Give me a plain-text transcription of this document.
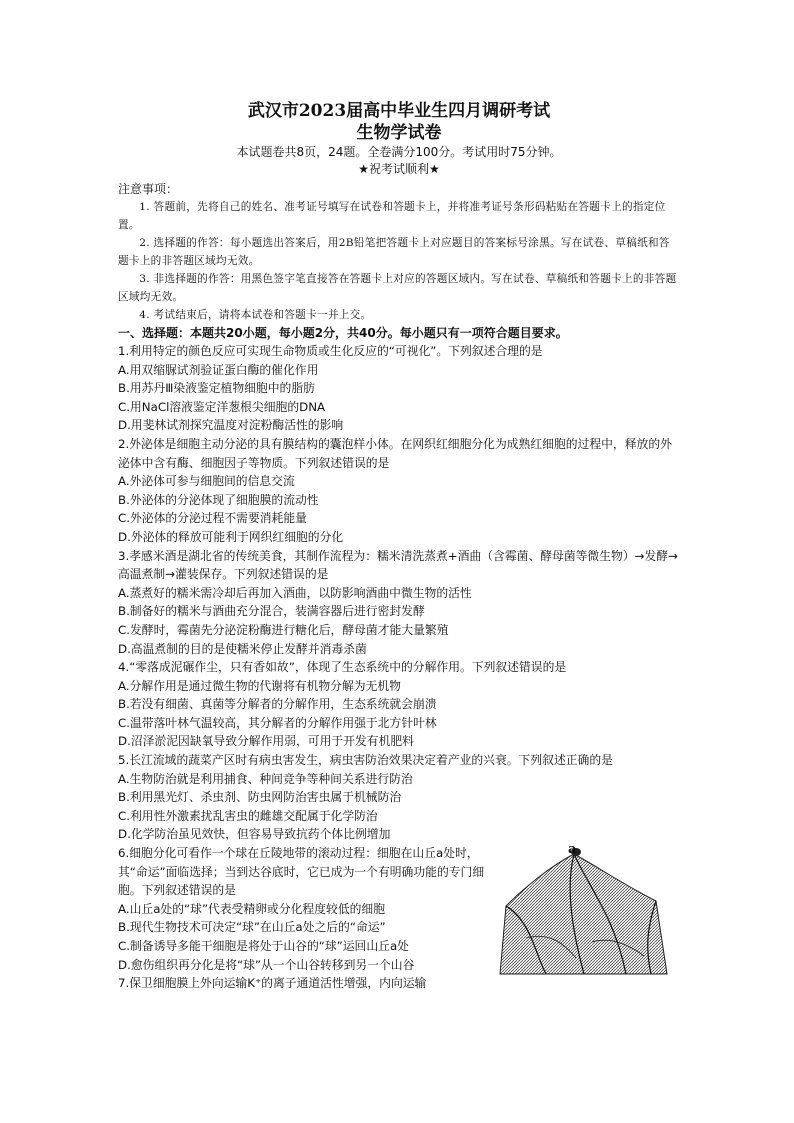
武汉市2023届高中毕业生四月调研考试
生物学试卷
本试题卷共8页，24题。全卷满分100分。考试用时75分钟。
★祝考试顺利★
注意事项：
1. 答题前，先将自己的姓名、准考证号填写在试卷和答题卡上，并将准考证号条形码粘贴在答题卡上的指定位置。
2. 选择题的作答：每小题选出答案后，用2B铅笔把答题卡上对应题目的答案标号涂黑。写在试卷、草稿纸和答题卡上的非答题区域均无效。
3. 非选择题的作答：用黑色签字笔直接答在答题卡上对应的答题区域内。写在试卷、草稿纸和答题卡上的非答题区域均无效。
4. 考试结束后，请将本试卷和答题卡一并上交。
一、选择题：本题共20小题，每小题2分，共40分。每小题只有一项符合题目要求。
1.利用特定的颜色反应可实现生命物质或生化反应的“可视化”。下列叙述合理的是
A.用双缩脲试剂验证蛋白酶的催化作用
B.用苏丹Ⅲ染液鉴定植物细胞中的脂肪
C.用NaCl溶液鉴定洋葱根尖细胞的DNA
D.用斐林试剂探究温度对淀粉酶活性的影响
2.外泌体是细胞主动分泌的具有膜结构的囊泡样小体。在网织红细胞分化为成熟红细胞的过程中，释放的外泌体中含有酶、细胞因子等物质。下列叙述错误的是
A.外泌体可参与细胞间的信息交流
B.外泌体的分泌体现了细胞膜的流动性
C.外泌体的分泌过程不需要消耗能量
D.外泌体的释放可能利于网织红细胞的分化
3.孝感米酒是湖北省的传统美食，其制作流程为：糯米清洗蒸煮+酒曲（含霉菌、酵母菌等微生物）→发酵→高温煮制→灌装保存。下列叙述错误的是
A.蒸煮好的糯米需冷却后再加入酒曲，以防影响酒曲中微生物的活性
B.制备好的糯米与酒曲充分混合，装满容器后进行密封发酵
C.发酵时，霉菌先分泌淀粉酶进行糖化后，酵母菌才能大量繁殖
D.高温煮制的目的是使糯米停止发酵并消毒杀菌
4.“零落成泥碾作尘，只有香如故”，体现了生态系统中的分解作用。下列叙述错误的是
A.分解作用是通过微生物的代谢将有机物分解为无机物
B.若没有细菌、真菌等分解者的分解作用，生态系统就会崩溃
C.温带落叶林气温较高，其分解者的分解作用强于北方针叶林
D.沼泽淤泥因缺氧导致分解作用弱，可用于开发有机肥料
5.长江流域的蔬菜产区时有病虫害发生，病虫害防治效果决定着产业的兴衰。下列叙述正确的是
A.生物防治就是利用捕食、种间竞争等种间关系进行防治
B.利用黑光灯、杀虫剂、防虫网防治害虫属于机械防治
C.利用性外激素扰乱害虫的雌雄交配属于化学防治
D.化学防治虽见效快，但容易导致抗药个体比例增加
6.细胞分化可看作一个球在丘陵地带的滚动过程：细胞在山丘a处时，其“命运”面临选择；当到达谷底时，它已成为一个有明确功能的专门细胞。下列叙述错误的是
A.山丘a处的“球”代表受精卵或分化程度较低的细胞
B.现代生物技术可决定“球”在山丘a处之后的“命运”
C.制备诱导多能干细胞是将处于山谷的“球”运回山丘a处
D.愈伤组织再分化是将“球”从一个山谷转移到另一个山谷
a
7.保卫细胞膜上外向运输K⁺的离子通道活性增强，内向运输
